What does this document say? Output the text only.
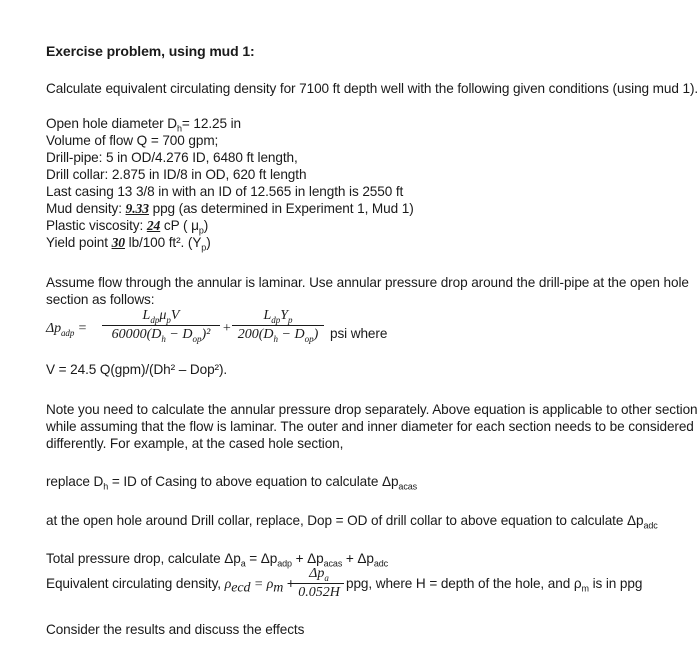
Exercise problem, using mud 1:
Calculate equivalent circulating density for 7100 ft depth well with the following given conditions (using mud 1).
Open hole diameter $D_h= 12.25$ in
Volume of flow Q = 700 gpm;
Drill-pipe: 5 in OD/4.276 ID, 6480 ft length,
Drill collar: 2.875 in ID/8 in OD, 620 ft length
Last casing 13 3/8 in with an ID of 12.565 in length is 2550 ft
Mud density: 9.33 ppg (as determined in Experiment 1, Mud 1)
Plastic viscosity: 24 cP ( $\mu_p$)
Yield point 30 lb/100 ft². $(Y_p)$
Assume flow through the annular is laminar. Use annular pressure drop around the drill-pipe at the open hole
section as follows:
$\Delta p_{adp}$ =
$L_{dp}\mu_pV$
$60000(D_h - D_{op})^2$ +
$L_{dp}Y_p$
$200(D_h - D_{op})$ psi where
V = 24.5 Q(gpm)/(Dh² – Dop²).
Note you need to calculate the annular pressure drop separately. Above equation is applicable to other section
while assuming that the flow is laminar. The outer and inner diameter for each section needs to be considered
differently. For example, at the cased hole section,
replace $D_h$ = ID of Casing to above equation to calculate $\Delta p_{acas}$
at the open hole around Drill collar, replace, Dop = OD of drill collar to above equation to calculate $\Delta p_{adc}$
Total pressure drop, calculate $\Delta p_a = \Delta p_{adp} + \Delta p_{acas} + \Delta p_{adc}$
Equivalent circulating density, $\rho_{ecd} = \rho_m$ +
$\Delta p_a$
0.052H
ppg, where H = depth of the hole, and $\rho_m$ is in ppg
Consider the results and discuss the effects
